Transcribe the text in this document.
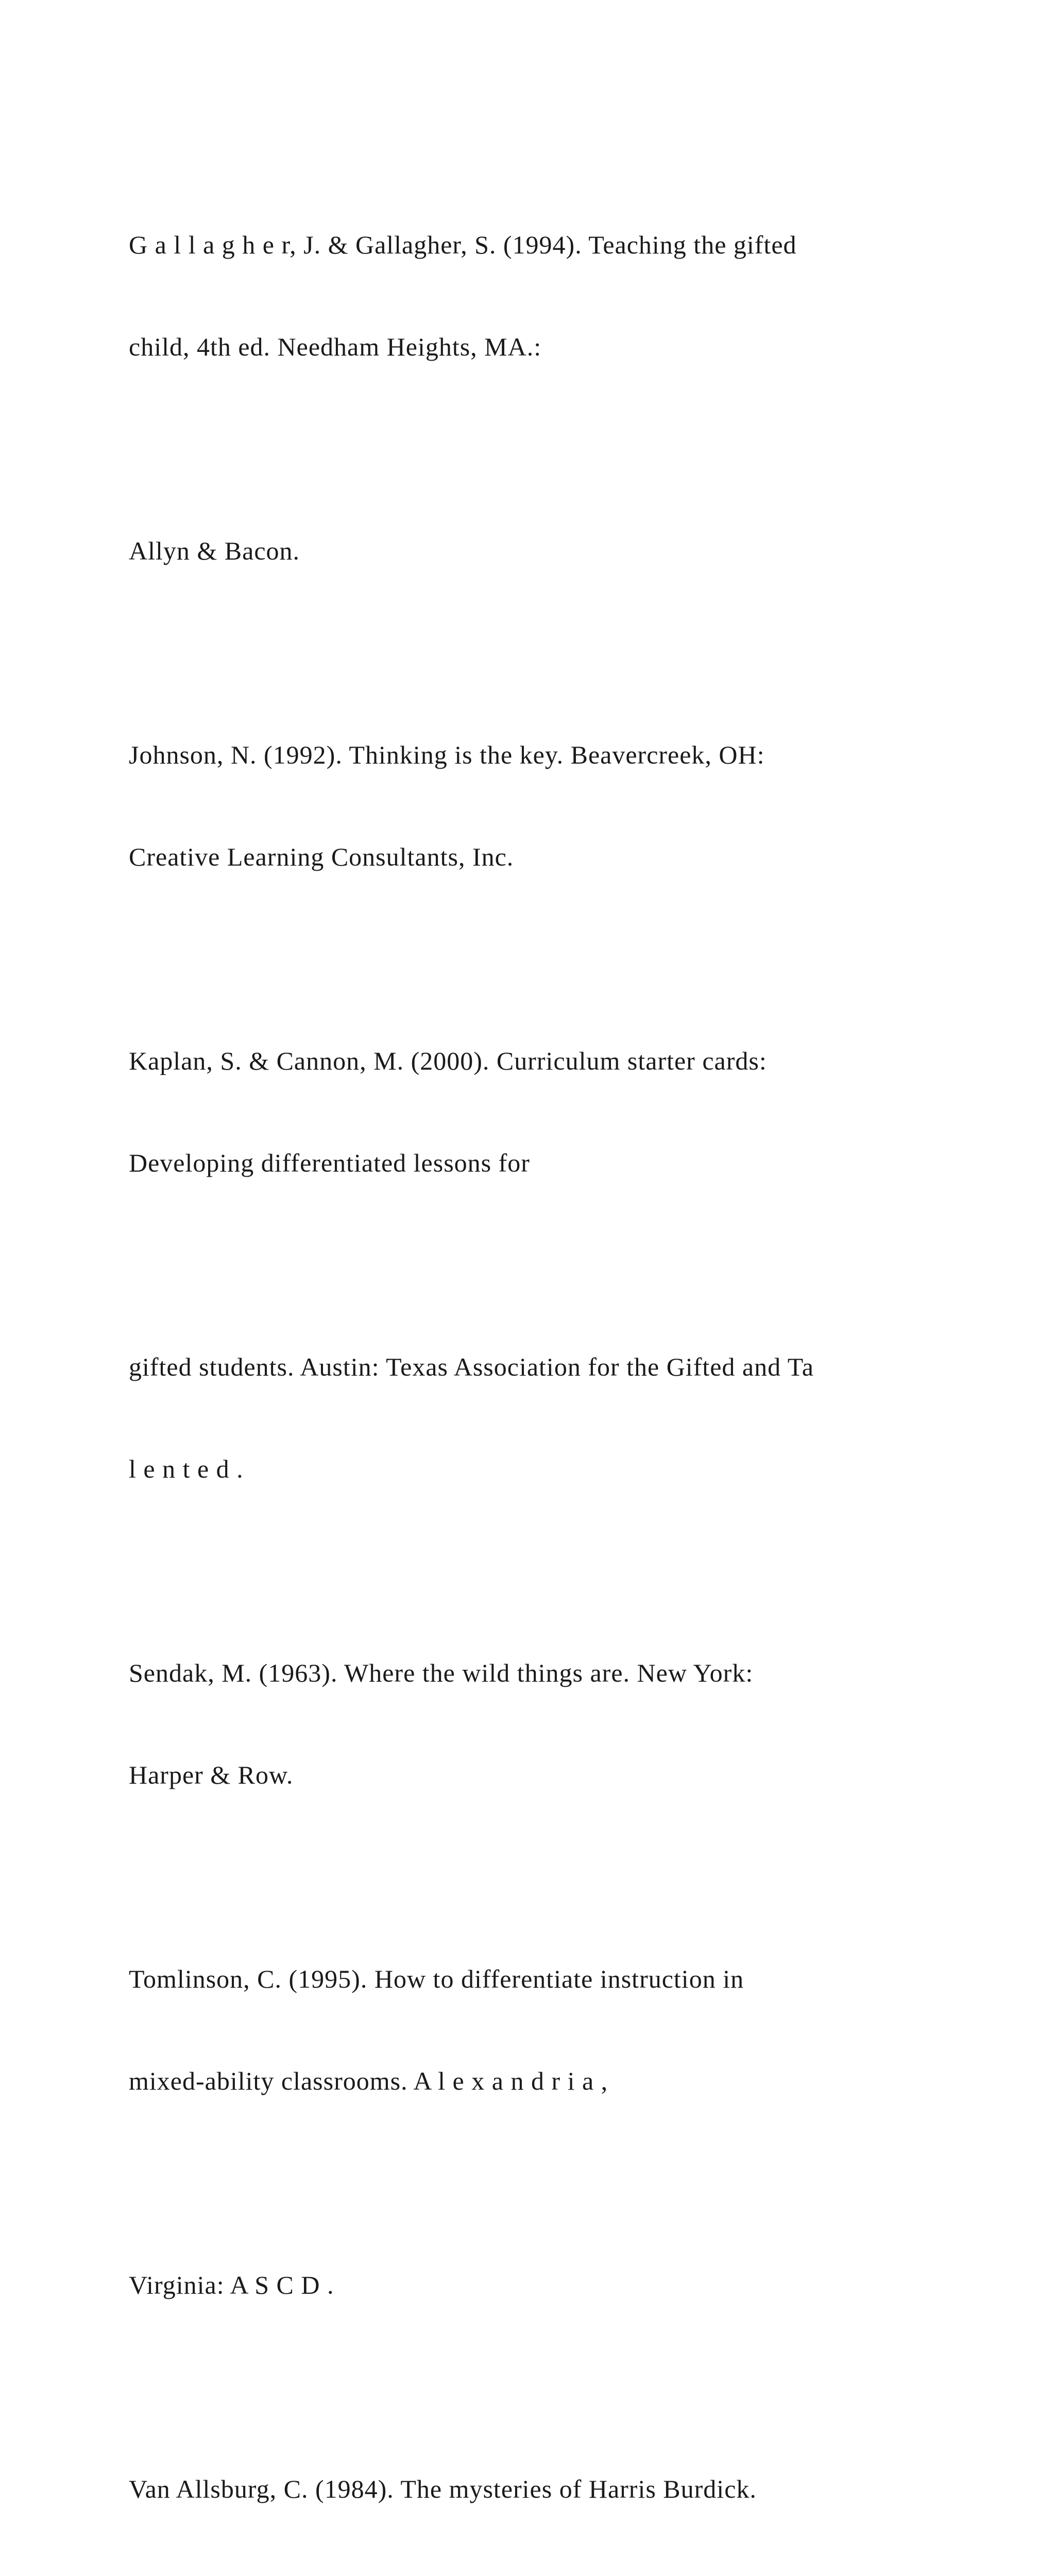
G a l l a g h e r, J. & Gallagher, S. (1994). Teaching the gifted

child, 4th ed. Needham Heights, MA.:

Allyn & Bacon.

Johnson, N. (1992). Thinking is the key. Beavercreek, OH:

Creative Learning Consultants, Inc.

Kaplan, S. & Cannon, M. (2000). Curriculum starter cards:

Developing differentiated lessons for

gifted students. Austin: Texas Association for the Gifted and Ta

l e n t e d .

Sendak, M. (1963). Where the wild things are. New York:

Harper & Row.

Tomlinson, C. (1995). How to differentiate instruction in

mixed-ability classrooms. A l e x a n d r i a ,

Virginia: A S C D .

Van Allsburg, C. (1984). The mysteries of Harris Burdick.
